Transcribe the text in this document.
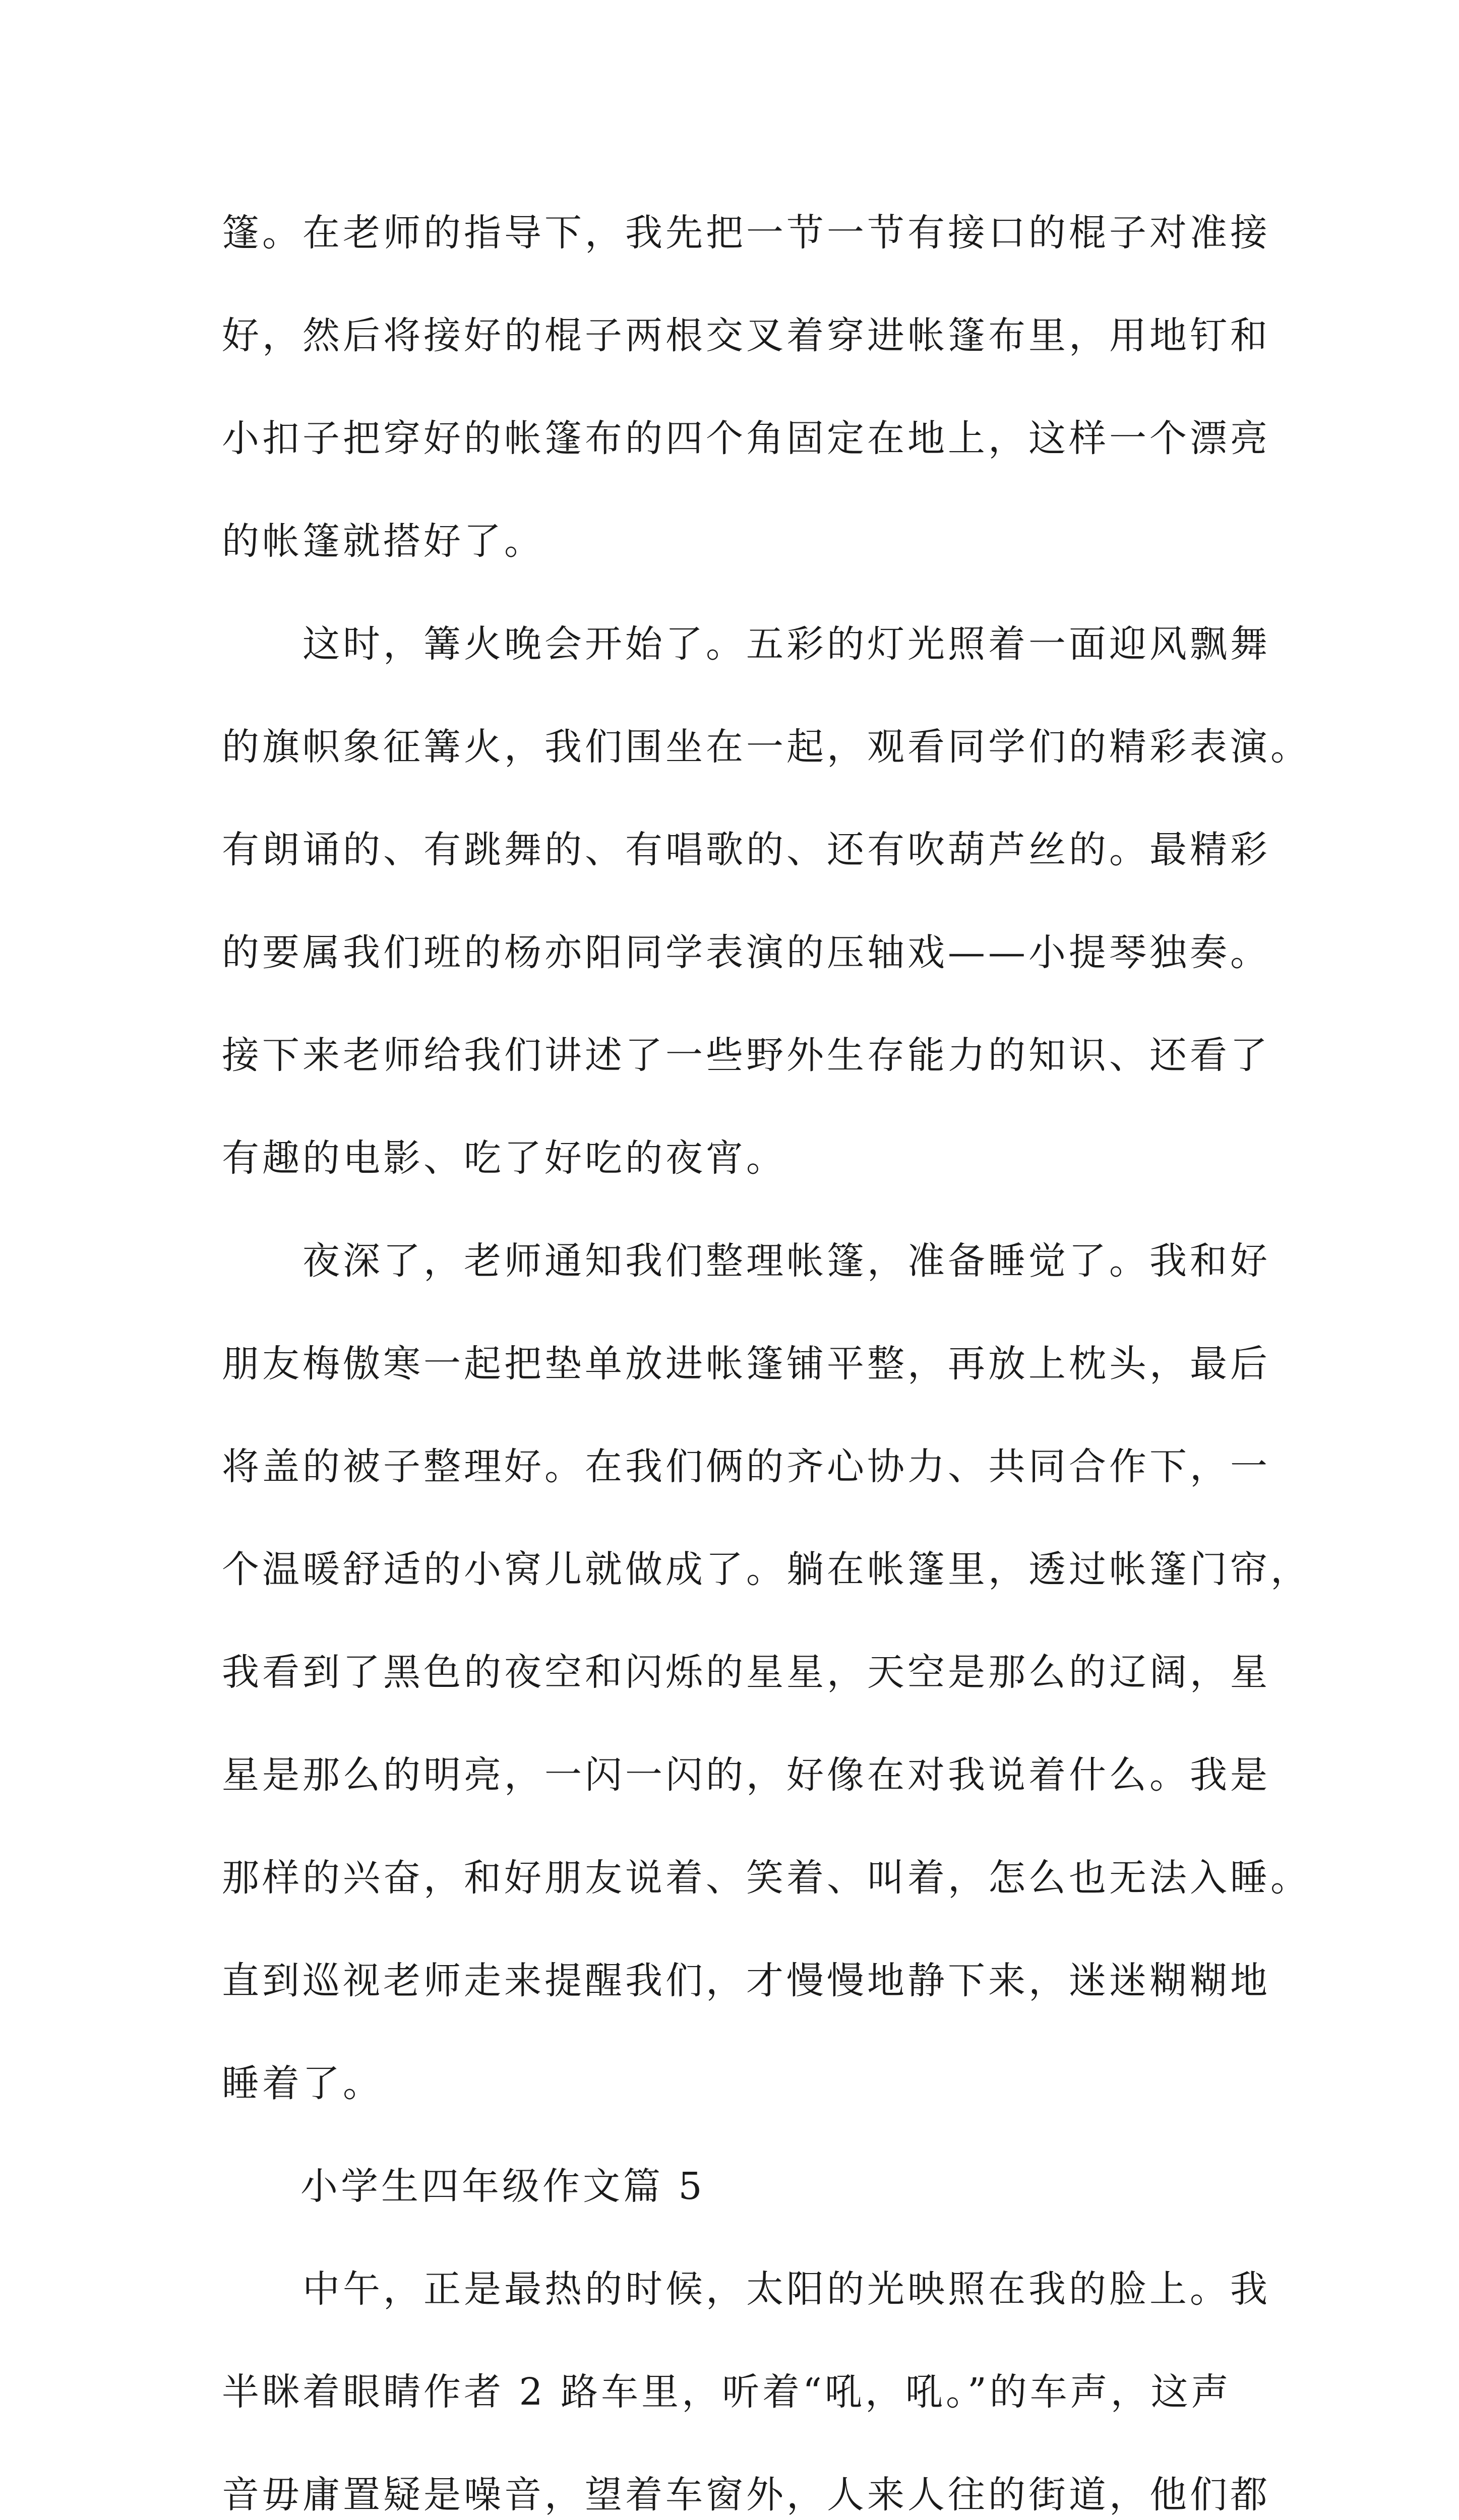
篷。在老师的指导下，我先把一节一节有接口的棍子对准接
好，然后将接好的棍子两根交叉着穿进帐篷布里，用地钉和
小扣子把穿好的帐篷布的四个角固定在地上，这样一个漂亮
的帐篷就搭好了。
　　这时，篝火晚会开始了。五彩的灯光照着一面迎风飘舞
的旗帜象征篝火，我们围坐在一起，观看同学们的精彩表演。
有朗诵的、有跳舞的、有唱歌的、还有吹葫芦丝的。最精彩
的要属我们班的杨亦阳同学表演的压轴戏——小提琴独奏。
接下来老师给我们讲述了一些野外生存能力的知识、还看了
有趣的电影、吃了好吃的夜宵。
　　夜深了，老师通知我们整理帐篷，准备睡觉了。我和好
朋友梅傲寒一起把垫单放进帐篷铺平整，再放上枕头，最后
将盖的被子整理好。在我们俩的齐心协力、共同合作下，一
个温暖舒适的小窝儿就做成了。躺在帐篷里，透过帐篷门帘，
我看到了黑色的夜空和闪烁的星星，天空是那么的辽阔，星
星是那么的明亮，一闪一闪的，好像在对我说着什么。我是
那样的兴奋，和好朋友说着、笑着、叫着，怎么也无法入睡。
直到巡视老师走来提醒我们，才慢慢地静下来，迷迷糊糊地
睡着了。
小学生四年级作文篇 5
　　中午，正是最热的时候，太阳的光映照在我的脸上。我
半眯着眼睛作者 2 路车里，听着“吼，吼。”的车声，这声
音毋庸置疑是噪音，望着车窗外，人来人往的街道，他们都
